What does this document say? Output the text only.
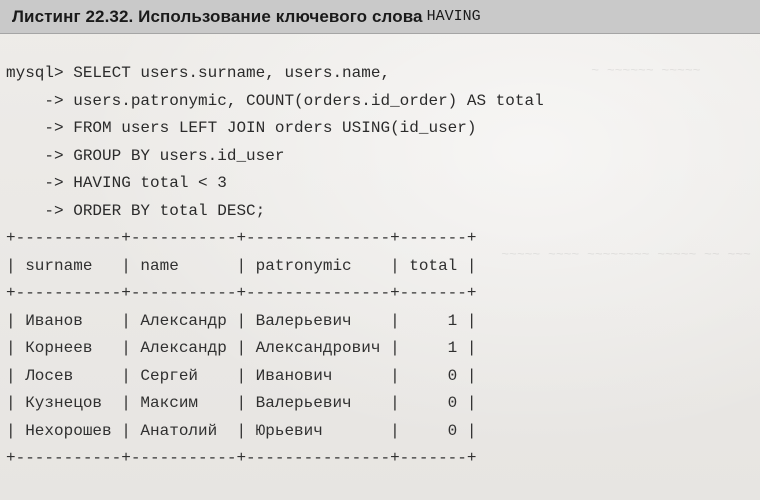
~ ~~~~~~ ~~~~~

~~~~~ ~~~~ ~~~~~~~~ ~~~~~ ~~ ~~~

Листинг 22.32. Использование ключевого слова HAVING
mysql> SELECT users.surname, users.name,
-> users.patronymic, COUNT(orders.id_order) AS total
-> FROM users LEFT JOIN orders USING(id_user)
-> GROUP BY users.id_user
-> HAVING total < 3
-> ORDER BY total DESC;
+-----------+-----------+---------------+-------+
| surname   | name      | patronymic    | total |
+-----------+-----------+---------------+-------+
| Иванов    | Александр | Валерьевич    |     1 |
| Корнеев   | Александр | Александрович |     1 |
| Лосев     | Сергей    | Иванович      |     0 |
| Кузнецов  | Максим    | Валерьевич    |     0 |
| Нехорошев | Анатолий  | Юрьевич       |     0 |
+-----------+-----------+---------------+-------+
